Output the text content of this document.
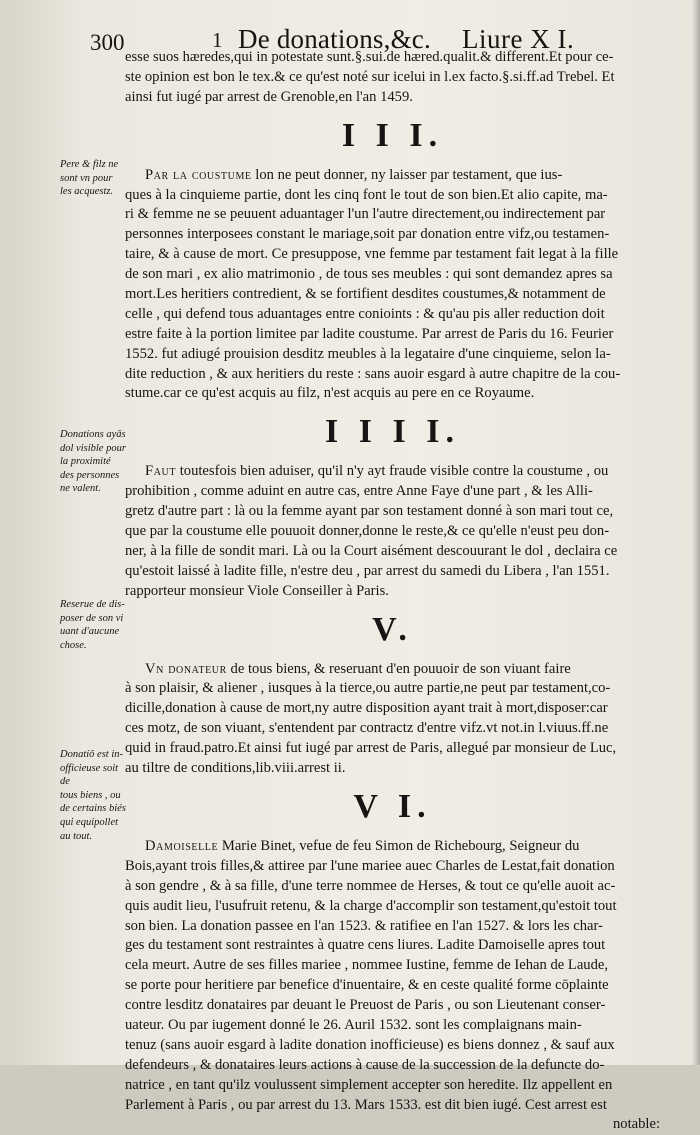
300	1 De donations,&c. Liure X I.
Pere & filz ne
sont vn pour
les acquestz.
Donations ayās
dol visible pour
la proximité
des personnes
ne valent.
Reserue de dis-
poser de son vi
uant d'aucune
chose.
Donatiō est in-
officieuse soit de
tous biens , ou
de certains biés
qui equipollet
au tout.
esse suos hæredes,qui in potestate sunt.§.sui.de hæred.qualit.& different.Et pour ce-
ste opinion est bon le tex.& ce qu'est noté sur icelui in l.ex facto.§.si.ff.ad Trebel. Et
ainsi fut iugé par arrest de Grenoble,en l'an 1459.
I I I.
Par la coustume lon ne peut donner, ny laisser par testament, que ius-
ques à la cinquieme partie, dont les cinq font le tout de son bien.Et alio capite, ma-
ri & femme ne se peuuent aduantager l'un l'autre directement,ou indirectement par
personnes interposees constant le mariage,soit par donation entre vifz,ou testamen-
taire, & à cause de mort. Ce presuppose, vne femme par testament fait legat à la fille
de son mari , ex alio matrimonio , de tous ses meubles : qui sont demandez apres sa
mort.Les heritiers contredient, & se fortifient desdites coustumes,& notamment de
celle , qui defend tous aduantages entre conioints : & qu'au pis aller reduction doit
estre faite à la portion limitee par ladite coustume. Par arrest de Paris du 16. Feurier
1552. fut adiugé prouision desditz meubles à la legataire d'une cinquieme, selon la-
dite reduction , & aux heritiers du reste : sans auoir esgard à autre chapitre de la cou-
stume.car ce qu'est acquis au filz, n'est acquis au pere en ce Royaume.
I I I I.
Faut toutesfois bien aduiser, qu'il n'y ayt fraude visible contre la coustume , ou
prohibition , comme aduint en autre cas, entre Anne Faye d'une part , & les Alli-
gretz d'autre part : là ou la femme ayant par son testament donné à son mari tout ce,
que par la coustume elle pouuoit donner,donne le reste,& ce qu'elle n'eust peu don-
ner, à la fille de sondit mari. Là ou la Court aisément descouurant le dol , declaira ce
qu'estoit laissé à ladite fille, n'estre deu , par arrest du samedi du Libera , l'an 1551.
rapporteur monsieur Viole Conseiller à Paris.
V.
Vn donateur de tous biens, & reseruant d'en pouuoir de son viuant faire
à son plaisir, & aliener , iusques à la tierce,ou autre partie,ne peut par testament,co-
dicille,donation à cause de mort,ny autre disposition ayant trait à mort,disposer:car
ces motz, de son viuant, s'entendent par contractz d'entre vifz.vt not.in l.viuus.ff.ne
quid in fraud.patro.Et ainsi fut iugé par arrest de Paris, allegué par monsieur de Luc,
au tiltre de conditions,lib.viii.arrest ii.
V I.
Damoiselle Marie Binet, vefue de feu Simon de Richebourg, Seigneur du
Bois,ayant trois filles,& attiree par l'une mariee auec Charles de Lestat,fait donation
à son gendre , & à sa fille, d'une terre nommee de Herses, & tout ce qu'elle auoit ac-
quis audit lieu, l'usufruit retenu, & la charge d'accomplir son testament,qu'estoit tout
son bien. La donation passee en l'an 1523. & ratifiee en l'an 1527. & lors les char-
ges du testament sont restraintes à quatre cens liures. Ladite Damoiselle apres tout
cela meurt. Autre de ses filles mariee , nommee Iustine, femme de Iehan de Laude,
se porte pour heritiere par benefice d'inuentaire, & en ceste qualité forme cōplainte
contre lesditz donataires par deuant le Preuost de Paris , ou son Lieutenant conser-
uateur. Ou par iugement donné le 26. Auril 1532. sont les complaignans main-
tenuz (sans auoir esgard à ladite donation inofficieuse) es biens donnez , & sauf aux
defendeurs , & donataires leurs actions à cause de la succession de la defuncte do-
natrice , en tant qu'ilz voulussent simplement accepter son heredite. Ilz appellent en
Parlement à Paris , ou par arrest du 13. Mars 1533. est dit bien iugé. Cest arrest est
notable:
